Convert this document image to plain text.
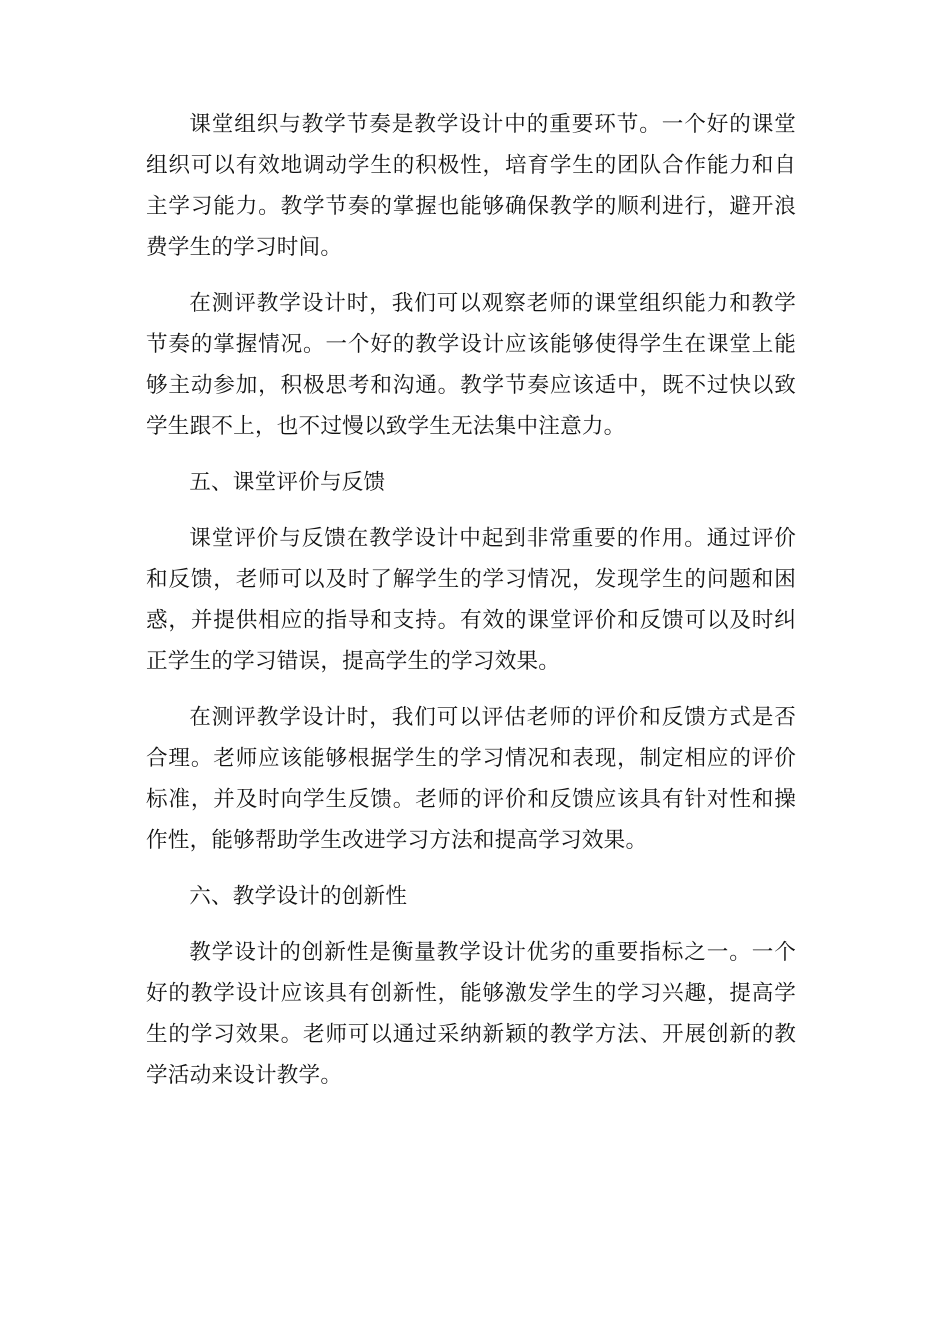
课堂组织与教学节奏是教学设计中的重要环节。一个好的课堂组织可以有效地调动学生的积极性，培育学生的团队合作能力和自主学习能力。教学节奏的掌握也能够确保教学的顺利进行，避开浪费学生的学习时间。

在测评教学设计时，我们可以观察老师的课堂组织能力和教学节奏的掌握情况。一个好的教学设计应该能够使得学生在课堂上能够主动参加，积极思考和沟通。教学节奏应该适中，既不过快以致学生跟不上，也不过慢以致学生无法集中注意力。

五、课堂评价与反馈

课堂评价与反馈在教学设计中起到非常重要的作用。通过评价和反馈，老师可以及时了解学生的学习情况，发现学生的问题和困惑，并提供相应的指导和支持。有效的课堂评价和反馈可以及时纠正学生的学习错误，提高学生的学习效果。

在测评教学设计时，我们可以评估老师的评价和反馈方式是否合理。老师应该能够根据学生的学习情况和表现，制定相应的评价标准，并及时向学生反馈。老师的评价和反馈应该具有针对性和操作性，能够帮助学生改进学习方法和提高学习效果。

六、教学设计的创新性

教学设计的创新性是衡量教学设计优劣的重要指标之一。一个好的教学设计应该具有创新性，能够激发学生的学习兴趣，提高学生的学习效果。老师可以通过采纳新颖的教学方法、开展创新的教学活动来设计教学。
